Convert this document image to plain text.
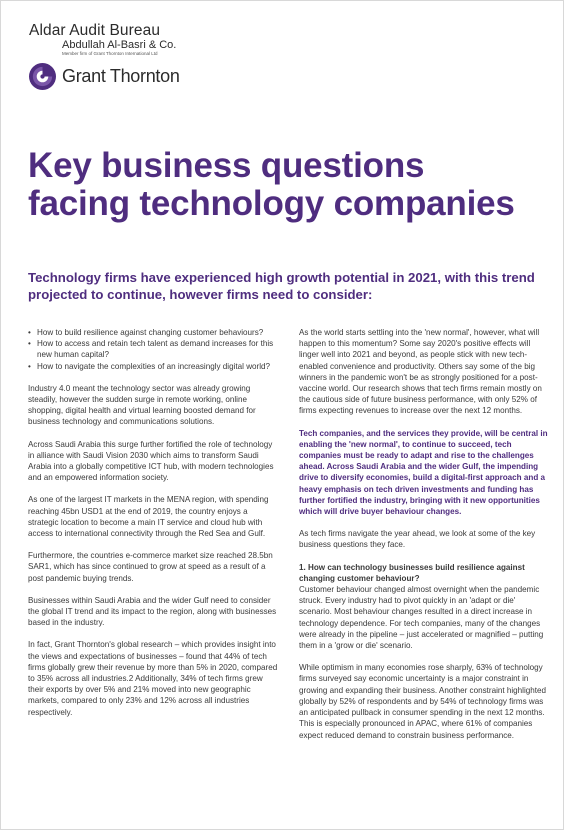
Aldar Audit Bureau
Abdullah Al-Basri & Co.
Member firm of Grant Thornton International Ltd
Grant Thornton
Key business questions
facing technology companies

Technology firms have experienced high growth potential in 2021, with this trend projected to continue, however firms need to consider:

• How to build resilience against changing customer behaviours?
• How to access and retain tech talent as demand increases for this new human capital?
• How to navigate the complexities of an increasingly digital world?

Industry 4.0 meant the technology sector was already growing steadily, however the sudden surge in remote working, online shopping, digital health and virtual learning boosted demand for business technology and communications solutions.

Across Saudi Arabia this surge further fortified the role of technology in alliance with Saudi Vision 2030 which aims to transform Saudi Arabia into a globally competitive ICT hub, with modern technologies and an empowered information society.

As one of the largest IT markets in the MENA region, with spending reaching 45bn USD1 at the end of 2019, the country enjoys a strategic location to become a main IT service and cloud hub with access to international connectivity through the Red Sea and Gulf.

Furthermore, the countries e-commerce market size reached 28.5bn SAR1, which has since continued to grow at speed as a result of a post pandemic buying trends.

Businesses within Saudi Arabia and the wider Gulf need to consider the global IT trend and its impact to the region, along with businesses based in the industry.

In fact, Grant Thornton's global research – which provides insight into the views and expectations of businesses – found that 44% of tech firms globally grew their revenue by more than 5% in 2020, compared to 35% across all industries.2 Additionally, 34% of tech firms grew their exports by over 5% and 21% moved into new geographic markets, compared to only 23% and 12% across all industries respectively.

As the world starts settling into the 'new normal', however, what will happen to this momentum? Some say 2020's positive effects will linger well into 2021 and beyond, as people stick with new tech-enabled convenience and productivity. Others say some of the big winners in the pandemic won't be as strongly positioned for a post-vaccine world. Our research shows that tech firms remain mostly on the cautious side of future business performance, with only 52% of firms expecting revenues to increase over the next 12 months.

Tech companies, and the services they provide, will be central in enabling the 'new normal', to continue to succeed, tech companies must be ready to adapt and rise to the challenges ahead. Across Saudi Arabia and the wider Gulf, the impending drive to diversify economies, build a digital-first approach and a heavy emphasis on tech driven investments and funding has further fortified the industry, bringing with it new opportunities which will drive buyer behaviour changes.

As tech firms navigate the year ahead, we look at some of the key business questions they face.

1. How can technology businesses build resilience against changing customer behaviour?

Customer behaviour changed almost overnight when the pandemic struck. Every industry had to pivot quickly in an 'adapt or die' scenario. Most behaviour changes resulted in a direct increase in technology dependence. For tech companies, many of the changes were already in the pipeline – just accelerated or magnified – putting them in a 'grow or die' scenario.

While optimism in many economies rose sharply, 63% of technology firms surveyed say economic uncertainty is a major constraint in growing and expanding their business. Another constraint highlighted globally by 52% of respondents and by 54% of technology firms was an anticipated pullback in consumer spending in the next 12 months. This is especially pronounced in APAC, where 61% of companies expect reduced demand to constrain business performance.
